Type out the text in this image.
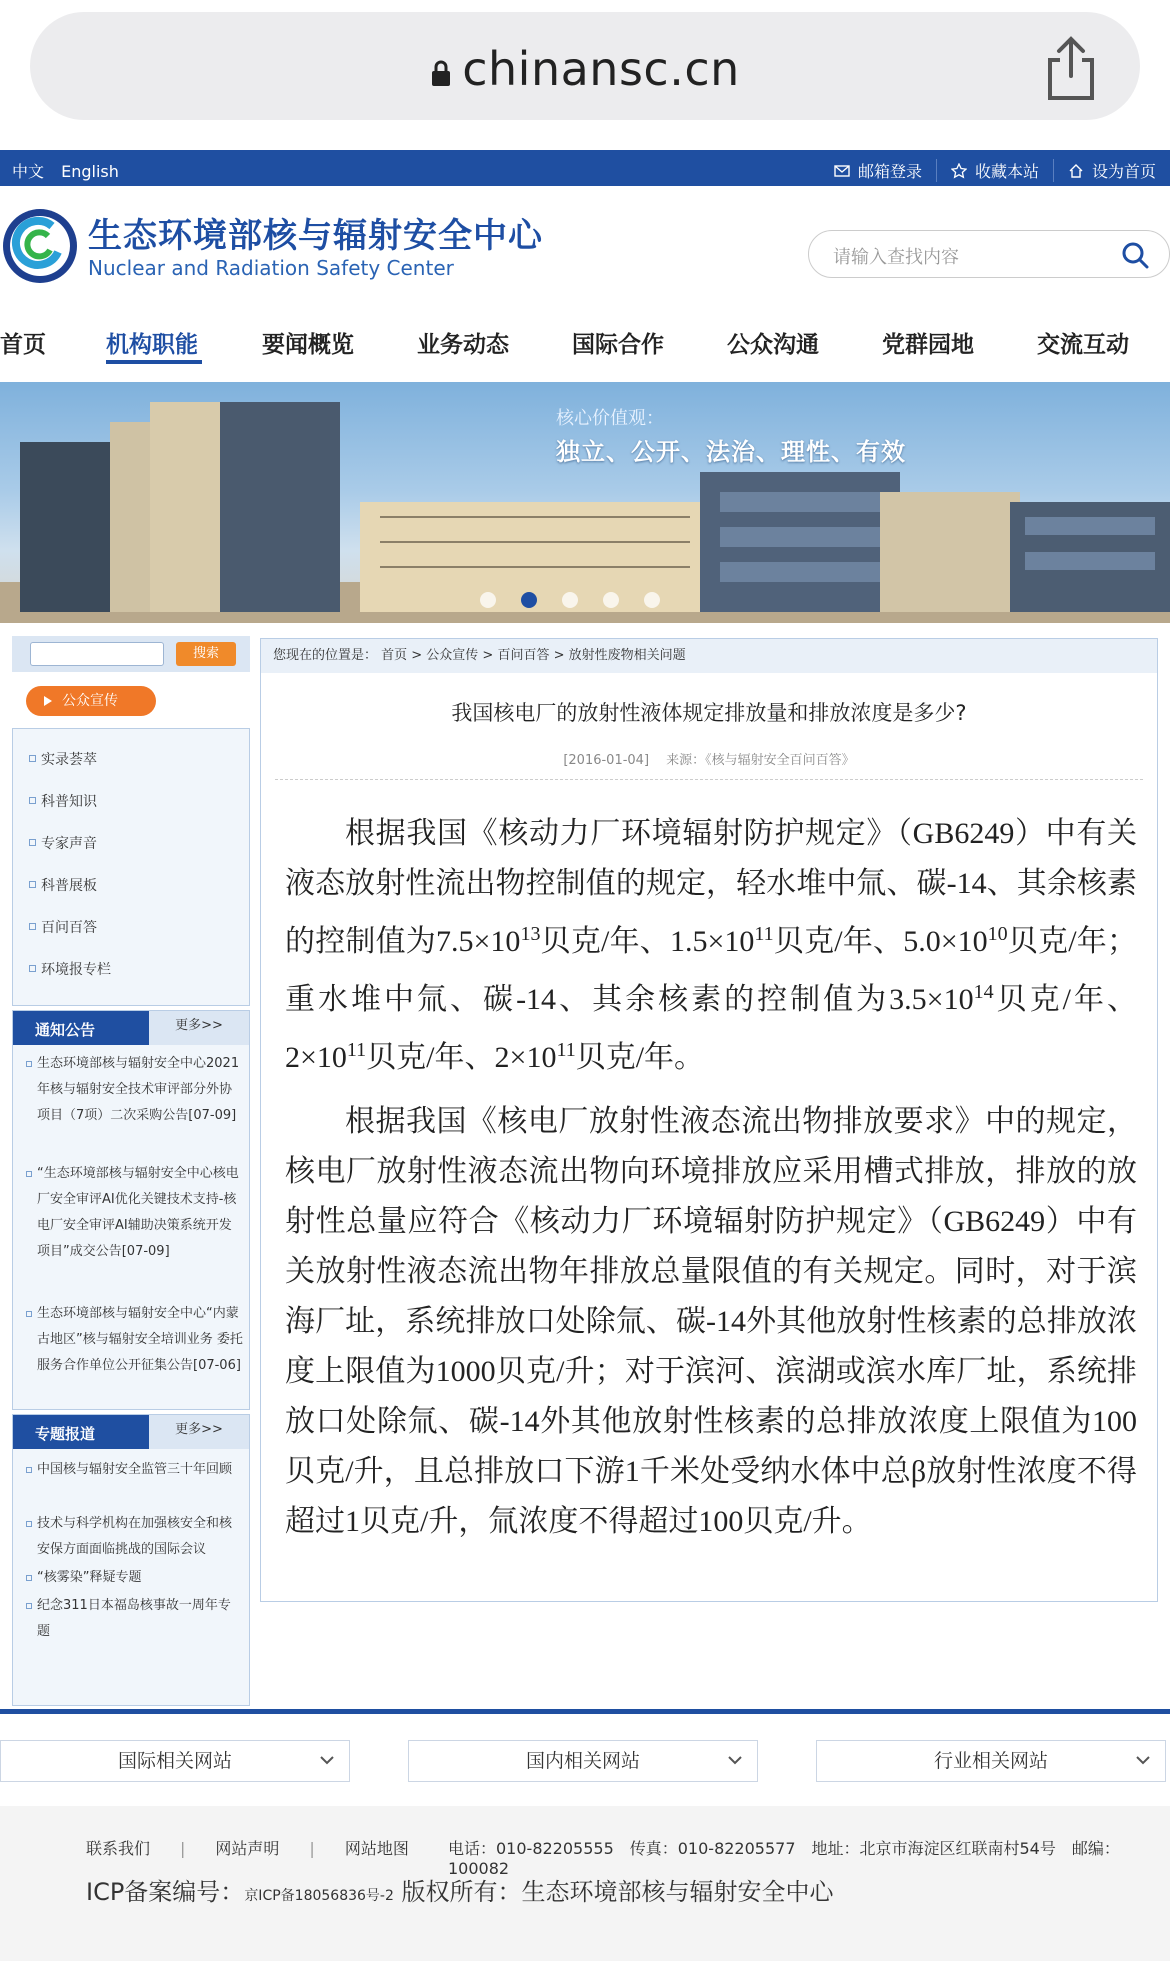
chinansc.cn
中文 English	邮箱登录	收藏本站	设为首页
生态环境部核与辐射安全中心
Nuclear and Radiation Safety Center	请输入查找内容
首页	机构职能	要闻概览	业务动态	国际合作	公众沟通	党群园地	交流互动
核心价值观：
独立、公开、法治、理性、有效
搜索
公众宣传
实录荟萃
科普知识
专家声音
科普展板
百问百答
环境报专栏
通知公告	更多>>
生态环境部核与辐射安全中心2021年核与辐射安全技术审评部分外协项目（7项）二次采购公告[07-09]
“生态环境部核与辐射安全中心核电厂安全审评AI优化关键技术支持-核电厂安全审评AI辅助决策系统开发项目”成交公告[07-09]
生态环境部核与辐射安全中心“内蒙古地区”核与辐射安全培训业务 委托服务合作单位公开征集公告[07-06]
专题报道	更多>>
中国核与辐射安全监管三十年回顾
技术与科学机构在加强核安全和核安保方面面临挑战的国际会议
“核雾染”释疑专题
纪念311日本福岛核事故一周年专题
您现在的位置是： 首页 > 公众宣传 > 百问百答 > 放射性废物相关问题
我国核电厂的放射性液体规定排放量和排放浓度是多少?
[2016-01-04]　 来源：《核与辐射安全百问百答》

根据我国《核动力厂环境辐射防护规定》（GB6249）中有关液态放射性流出物控制值的规定，轻水堆中氚、碳-14、其余核素的控制值为$7.5\times 10^{13}$贝克/年、$1.5\times 10^{11}$贝克/年、$5.0\times 10^{10}$贝克/年；重水堆中氚、碳-14、其余核素的控制值为$3.5\times 10^{14}$贝克/年、$2\times 10^{11}$贝克/年、$2\times 10^{11}$贝克/年。

根据我国《核电厂放射性液态流出物排放要求》中的规定，核电厂放射性液态流出物向环境排放应采用槽式排放，排放的放射性总量应符合《核动力厂环境辐射防护规定》（GB6249）中有关放射性液态流出物年排放总量限值的有关规定。同时，对于滨海厂址，系统排放口处除氚、碳-14外其他放射性核素的总排放浓度上限值为1000贝克/升；对于滨河、滨湖或滨水库厂址，系统排放口处除氚、碳-14外其他放射性核素的总排放浓度上限值为100贝克/升，且总排放口下游1千米处受纳水体中总β放射性浓度不得超过1贝克/升，氚浓度不得超过100贝克/升。

国际相关网站	国内相关网站	行业相关网站
联系我们 | 网站声明 | 网站地图	电话：010-82205555　传真：010-82205577　地址：北京市海淀区红联南村54号　邮编：100082
ICP备案编号：京ICP备18056836号-2 版权所有：生态环境部核与辐射安全中心
